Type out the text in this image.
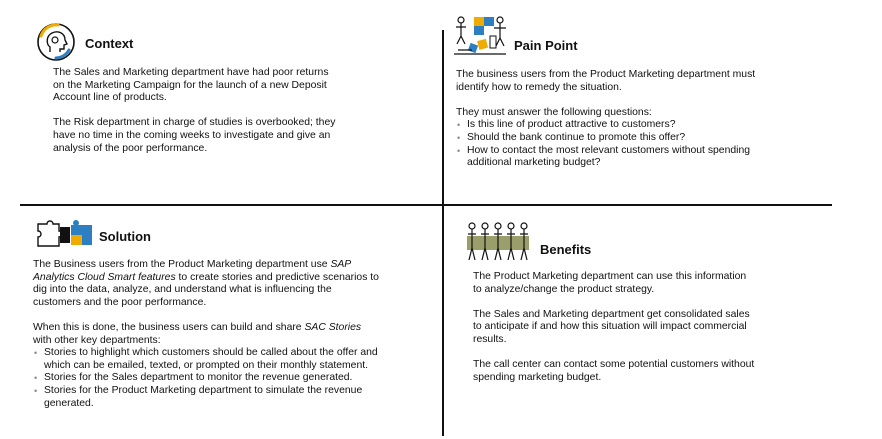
Context

The Sales and Marketing department have had poor returns

on the Marketing Campaign for the launch of a new Deposit

Account line of products.

The Risk department in charge of studies is overbooked; they

have no time in the coming weeks to investigate and give an

analysis of the poor performance.

Pain Point

The business users from the Product Marketing department must

identify how to remedy the situation.

They must answer the following questions:

• Is this line of product attractive to customers?
• Should the bank continue to promote this offer?
• How to contact the most relevant customers without spending
additional marketing budget?
Solution

The Business users from the Product Marketing department use SAP

Analytics Cloud Smart features to create stories and predictive scenarios to

dig into the data, analyze, and understand what is influencing the

customers and the poor performance.

When this is done, the business users can build and share SAC Stories

with other key departments:

• Stories to highlight which customers should be called about the offer and
which can be emailed, texted, or prompted on their monthly statement.
• Stories for the Sales department to monitor the revenue generated.
• Stories for the Product Marketing department to simulate the revenue
generated.
Benefits

The Product Marketing department can use this information

to analyze/change the product strategy.

The Sales and Marketing department get consolidated sales

to anticipate if and how this situation will impact commercial

results.

The call center can contact some potential customers without

spending marketing budget.
